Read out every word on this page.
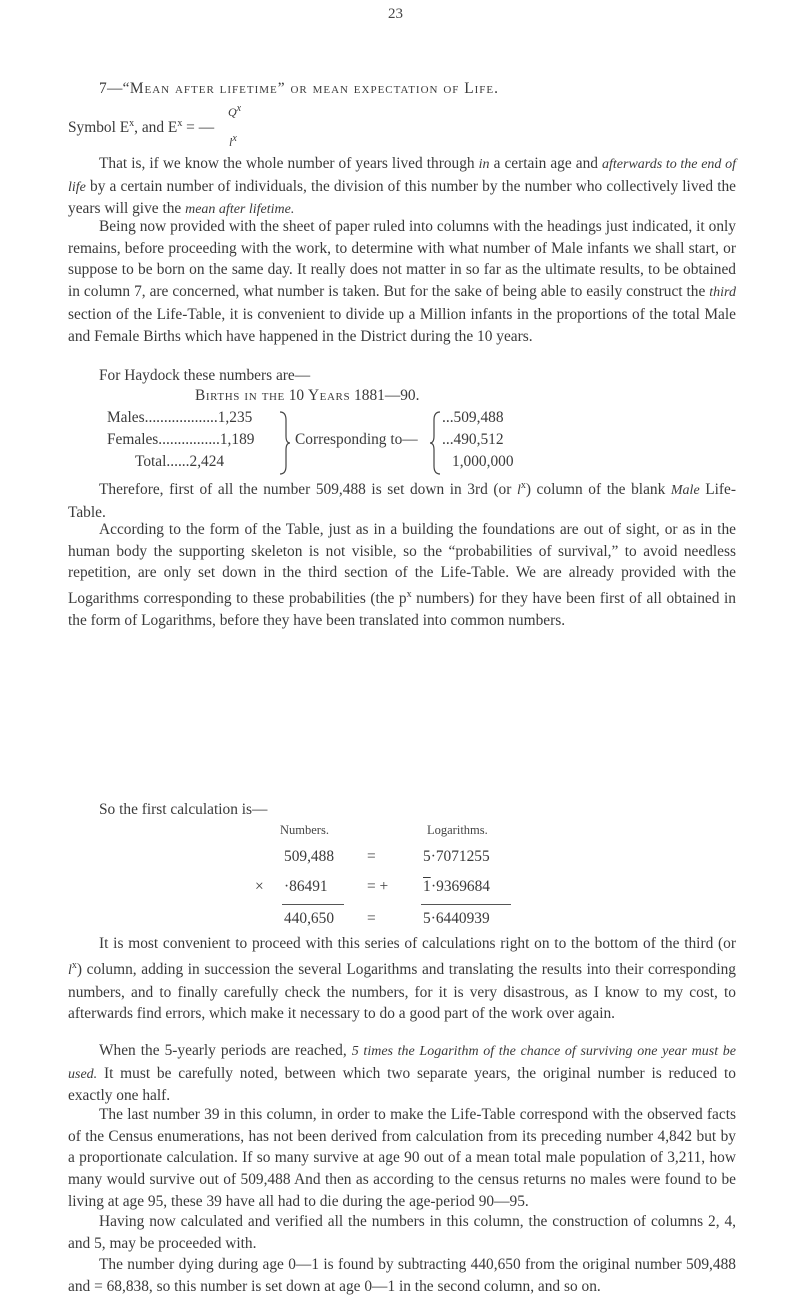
23
7—“Mean after lifetime” or mean expectation of Life.
$Q^x$
Symbol $E^x$, and $E^x$ = —
$l^x$

That is, if we know the whole number of years lived through in a certain age and afterwards to the end of life by a certain number of individuals, the division of this number by the number who collectively lived the years will give the mean after lifetime.

Being now provided with the sheet of paper ruled into columns with the headings just indicated, it only remains, before proceeding with the work, to determine with what number of Male infants we shall start, or suppose to be born on the same day. It really does not matter in so far as the ultimate results, to be obtained in column 7, are concerned, what number is taken. But for the sake of being able to easily construct the third section of the Life-Table, it is convenient to divide up a Million infants in the proportions of the total Male and Female Births which have happened in the District during the 10 years.

For Haydock these numbers are—

Births in the 10 Years 1881—90.
Males...................1,235
Females................1,189
Total......2,424
Corresponding to—
...509,488
...490,512
1,000,000

Therefore, first of all the number 509,488 is set down in 3rd (or $l^x$) column of the blank Male Life-Table.

According to the form of the Table, just as in a building the foundations are out of sight, or as in the human body the supporting skeleton is not visible, so the “probabilities of survival,” to avoid needless repetition, are only set down in the third section of the Life-Table. We are already provided with the Logarithms corresponding to these probabilities (the $p^x$ numbers) for they have been first of all obtained in the form of Logarithms, before they have been translated into common numbers.

So the first calculation is—
Numbers.	Logarithms.
509,488 =	5·7071255
× ·86491	= + 1 ·9369684
440,650 =	5·6440939

It is most convenient to proceed with this series of calculations right on to the bottom of the third (or $l^x$) column, adding in succession the several Logarithms and translating the results into their corresponding numbers, and to finally carefully check the numbers, for it is very disastrous, as I know to my cost, to afterwards find errors, which make it necessary to do a good part of the work over again.

When the 5-yearly periods are reached, 5 times the Logarithm of the chance of surviving one year must be used. It must be carefully noted, between which two separate years, the original number is reduced to exactly one half.

The last number 39 in this column, in order to make the Life-Table correspond with the observed facts of the Census enumerations, has not been derived from calculation from its preceding number 4,842 but by a proportionate calculation. If so many survive at age 90 out of a mean total male population of 3,211, how many would survive out of 509,488 And then as according to the census returns no males were found to be living at age 95, these 39 have all had to die during the age-period 90—95.

Having now calculated and verified all the numbers in this column, the construction of columns 2, 4, and 5, may be proceeded with.

The number dying during age 0—1 is found by subtracting 440,650 from the original number 509,488 and = 68,838, so this number is set down at age 0—1 in the second column, and so on.
